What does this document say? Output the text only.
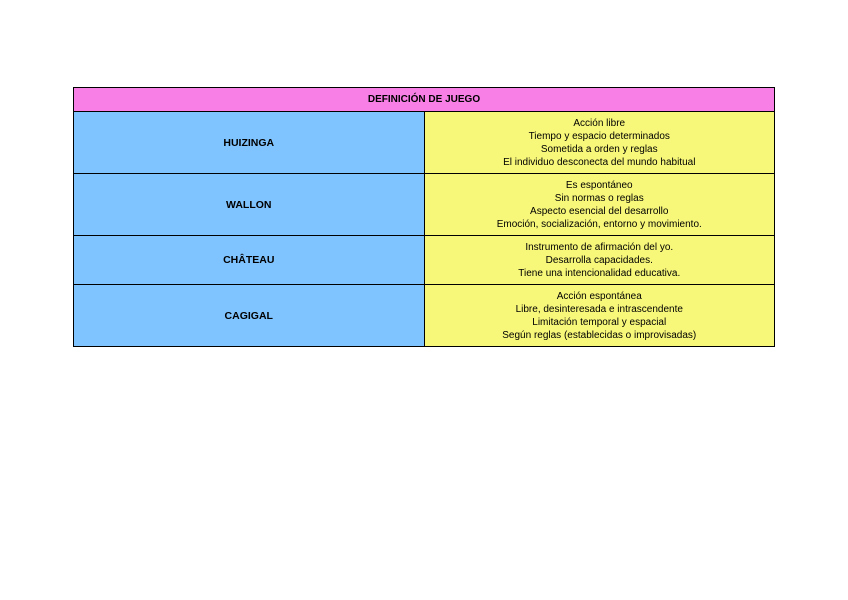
DEFINICIÓN DE JUEGO	
HUIZINGA	Acción libre
Tiempo y espacio determinados
Sometida a orden y reglas
El individuo desconecta del mundo habitual

WALLON	Es espontáneo
Sin normas o reglas
Aspecto esencial del desarrollo
Emoción, socialización, entorno y movimiento.

CHÂTEAU	Instrumento de afirmación del yo.
Desarrolla capacidades.
Tiene una intencionalidad educativa.

CAGIGAL	Acción espontánea
Libre, desinteresada e intrascendente
Limitación temporal y espacial
Según reglas (establecidas o improvisadas)
